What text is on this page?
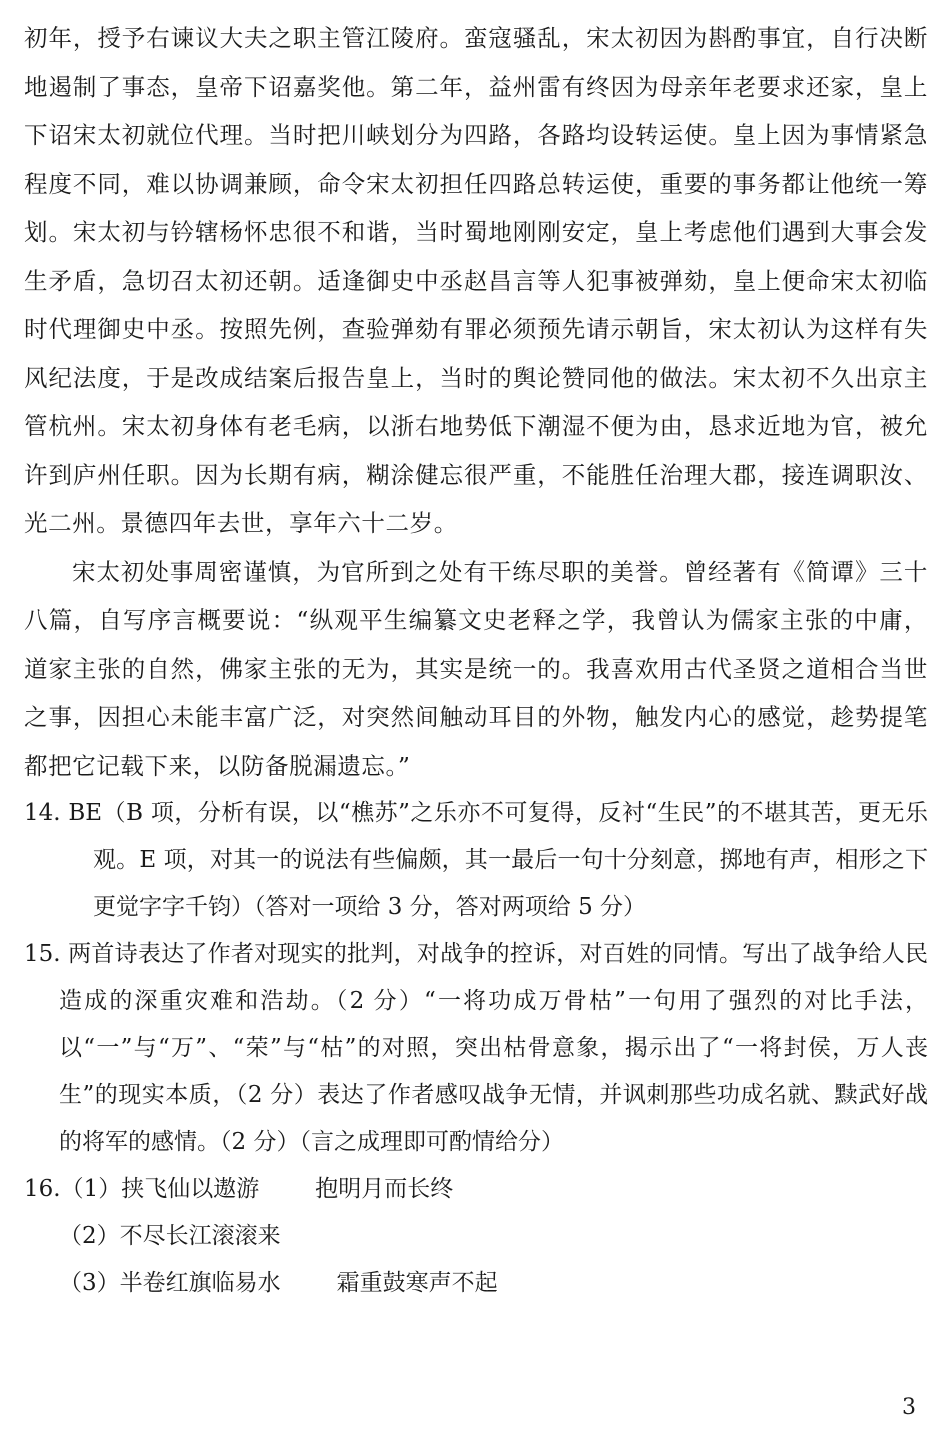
初年，授予右谏议大夫之职主管江陵府。蛮寇骚乱，宋太初因为斟酌事宜，自行决断地遏制了事态，皇帝下诏嘉奖他。第二年，益州雷有终因为母亲年老要求还家，皇上下诏宋太初就位代理。当时把川峡划分为四路，各路均设转运使。皇上因为事情紧急程度不同，难以协调兼顾，命令宋太初担任四路总转运使，重要的事务都让他统一筹划。宋太初与钤辖杨怀忠很不和谐，当时蜀地刚刚安定，皇上考虑他们遇到大事会发生矛盾，急切召太初还朝。适逢御史中丞赵昌言等人犯事被弹劾，皇上便命宋太初临时代理御史中丞。按照先例，查验弹劾有罪必须预先请示朝旨，宋太初认为这样有失风纪法度，于是改成结案后报告皇上，当时的舆论赞同他的做法。宋太初不久出京主管杭州。宋太初身体有老毛病，以浙右地势低下潮湿不便为由，恳求近地为官，被允许到庐州任职。因为长期有病，糊涂健忘很严重，不能胜任治理大郡，接连调职汝、光二州。景德四年去世，享年六十二岁。

宋太初处事周密谨慎，为官所到之处有干练尽职的美誉。曾经著有《简谭》三十八篇，自写序言概要说：“纵观平生编纂文史老释之学，我曾认为儒家主张的中庸，道家主张的自然，佛家主张的无为，其实是统一的。我喜欢用古代圣贤之道相合当世之事，因担心未能丰富广泛，对突然间触动耳目的外物，触发内心的感觉，趁势提笔都把它记载下来，以防备脱漏遗忘。”

14. BE（B 项，分析有误，以“樵苏”之乐亦不可复得，反衬“生民”的不堪其苦，更无乐观。E 项，对其一的说法有些偏颇，其一最后一句十分刻意，掷地有声，相形之下更觉字字千钧）（答对一项给 3 分，答对两项给 5 分）

15. 两首诗表达了作者对现实的批判，对战争的控诉，对百姓的同情。写出了战争给人民造成的深重灾难和浩劫。（2 分）“一将功成万骨枯”一句用了强烈的对比手法，以“一”与“万”、“荣”与“枯”的对照，突出枯骨意象，揭示出了“一将封侯，万人丧生”的现实本质，（2 分）表达了作者感叹战争无情，并讽刺那些功成名就、黩武好战的将军的感情。（2 分）（言之成理即可酌情给分）

16.（1）挟飞仙以遨游 抱明月而长终

（2）不尽长江滚滚来

（3）半卷红旗临易水 霜重鼓寒声不起

3
